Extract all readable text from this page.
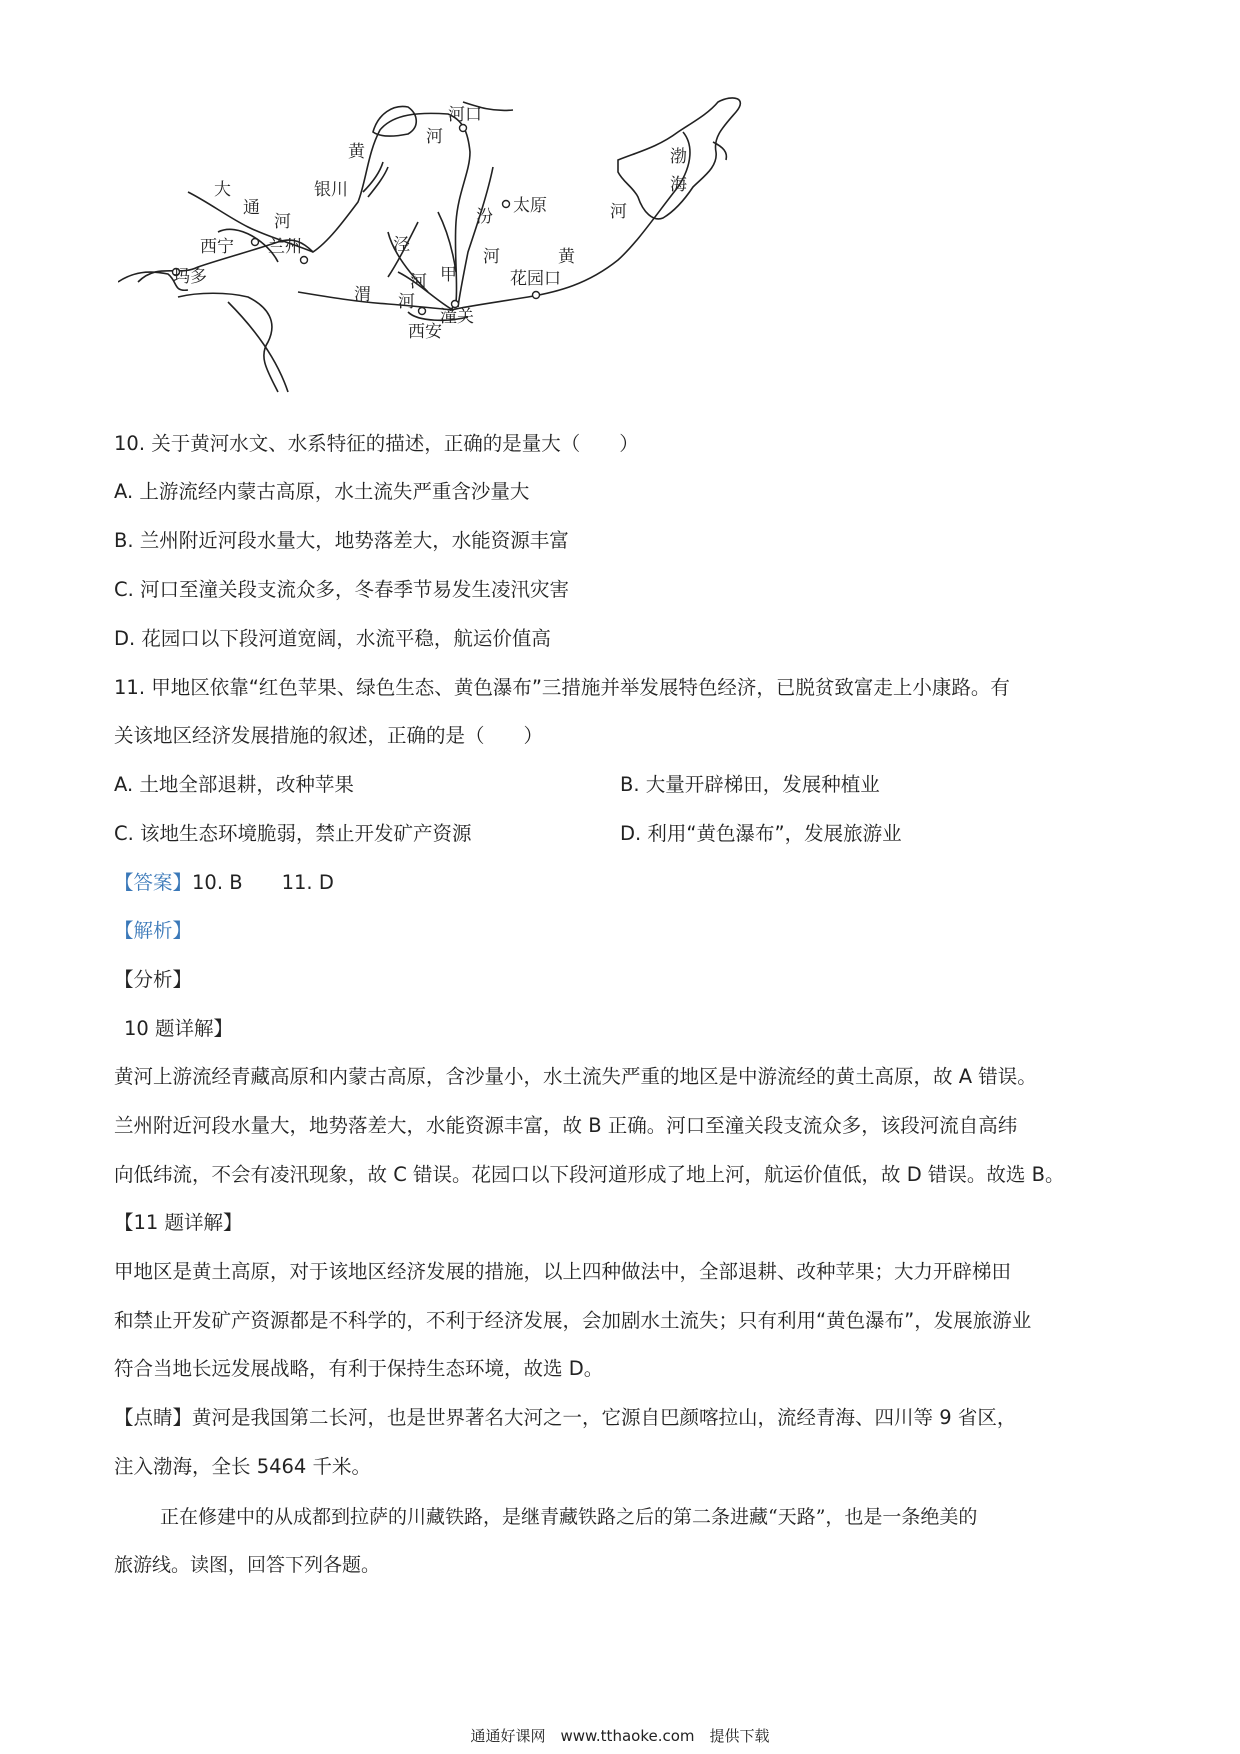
河口
黄
河
渤
海
银川
大
通
河
西宁 兰州
玛多
太原
汾	河
泾
河
甲
河
黄
花园口
渭 河
潼关
西安
10. 关于黄河水文、水系特征的描述，正确的是量大（　　）
A. 上游流经内蒙古高原，水土流失严重含沙量大
B. 兰州附近河段水量大，地势落差大，水能资源丰富
C. 河口至潼关段支流众多，冬春季节易发生凌汛灾害
D. 花园口以下段河道宽阔，水流平稳，航运价值高
11. 甲地区依靠“红色苹果、绿色生态、黄色瀑布”三措施并举发展特色经济，已脱贫致富走上小康路。有
关该地区经济发展措施的叙述，正确的是（　　）
A. 土地全部退耕，改种苹果	B. 大量开辟梯田，发展种植业
C. 该地生态环境脆弱，禁止开发矿产资源	D. 利用“黄色瀑布”，发展旅游业
【答案】10. B　　11. D
【解析】
【分析】
10 题详解】
黄河上游流经青藏高原和内蒙古高原，含沙量小，水土流失严重的地区是中游流经的黄土高原，故 A 错误。
兰州附近河段水量大，地势落差大，水能资源丰富，故 B 正确。河口至潼关段支流众多，该段河流自高纬
向低纬流，不会有凌汛现象，故 C 错误。花园口以下段河道形成了地上河，航运价值低，故 D 错误。故选 B。
【11 题详解】
甲地区是黄土高原，对于该地区经济发展的措施，以上四种做法中，全部退耕、改种苹果；大力开辟梯田
和禁止开发矿产资源都是不科学的，不利于经济发展，会加剧水土流失；只有利用“黄色瀑布”，发展旅游业
符合当地长远发展战略，有利于保持生态环境，故选 D。
【点睛】黄河是我国第二长河，也是世界著名大河之一，它源自巴颜喀拉山，流经青海、四川等 9 省区，
注入渤海，全长 5464 千米。
正在修建中的从成都到拉萨的川藏铁路，是继青藏铁路之后的第二条进藏“天路”，也是一条绝美的
旅游线。读图，回答下列各题。
通通好课网　www.tthaoke.com　提供下载
